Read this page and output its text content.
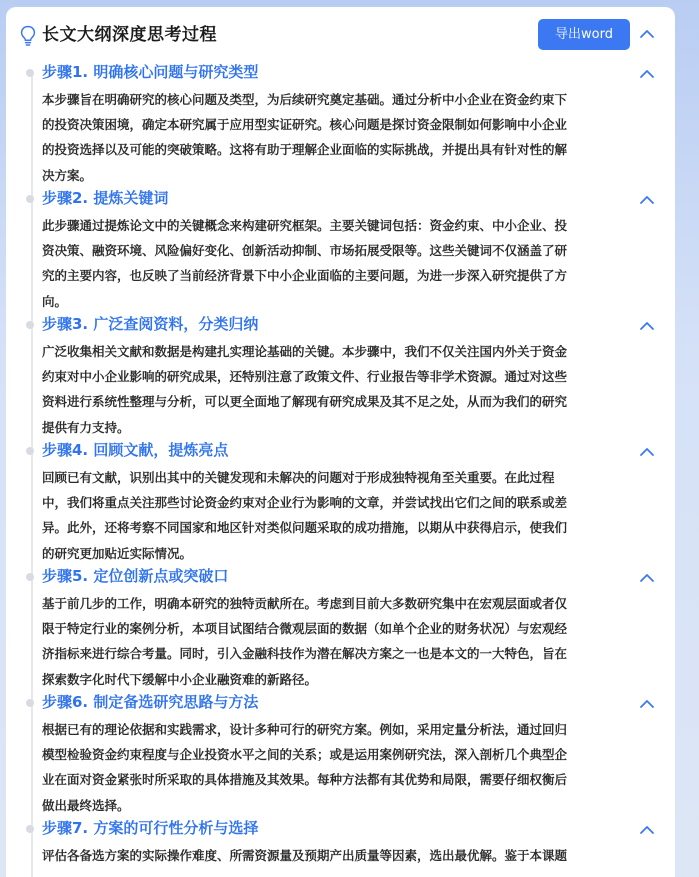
长文大纲深度思考过程	导出word
步骤1. 明确核心问题与研究类型
本步骤旨在明确研究的核心问题及类型，为后续研究奠定基础。通过分析中小企业在资金约束下
的投资决策困境，确定本研究属于应用型实证研究。核心问题是探讨资金限制如何影响中小企业
的投资选择以及可能的突破策略。这将有助于理解企业面临的实际挑战，并提出具有针对性的解
决方案。
步骤2. 提炼关键词
此步骤通过提炼论文中的关键概念来构建研究框架。主要关键词包括：资金约束、中小企业、投
资决策、融资环境、风险偏好变化、创新活动抑制、市场拓展受限等。这些关键词不仅涵盖了研
究的主要内容，也反映了当前经济背景下中小企业面临的主要问题，为进一步深入研究提供了方
向。
步骤3. 广泛查阅资料，分类归纳
广泛收集相关文献和数据是构建扎实理论基础的关键。本步骤中，我们不仅关注国内外关于资金
约束对中小企业影响的研究成果，还特别注意了政策文件、行业报告等非学术资源。通过对这些
资料进行系统性整理与分析，可以更全面地了解现有研究成果及其不足之处，从而为我们的研究
提供有力支持。
步骤4. 回顾文献，提炼亮点
回顾已有文献，识别出其中的关键发现和未解决的问题对于形成独特视角至关重要。在此过程
中，我们将重点关注那些讨论资金约束对企业行为影响的文章，并尝试找出它们之间的联系或差
异。此外，还将考察不同国家和地区针对类似问题采取的成功措施，以期从中获得启示，使我们
的研究更加贴近实际情况。
步骤5. 定位创新点或突破口
基于前几步的工作，明确本研究的独特贡献所在。考虑到目前大多数研究集中在宏观层面或者仅
限于特定行业的案例分析，本项目试图结合微观层面的数据（如单个企业的财务状况）与宏观经
济指标来进行综合考量。同时，引入金融科技作为潜在解决方案之一也是本文的一大特色，旨在
探索数字化时代下缓解中小企业融资难的新路径。
步骤6. 制定备选研究思路与方法
根据已有的理论依据和实践需求，设计多种可行的研究方案。例如，采用定量分析法，通过回归
模型检验资金约束程度与企业投资水平之间的关系；或是运用案例研究法，深入剖析几个典型企
业在面对资金紧张时所采取的具体措施及其效果。每种方法都有其优势和局限，需要仔细权衡后
做出最终选择。
步骤7. 方案的可行性分析与选择
评估各备选方案的实际操作难度、所需资源量及预期产出质量等因素，选出最优解。鉴于本课题
